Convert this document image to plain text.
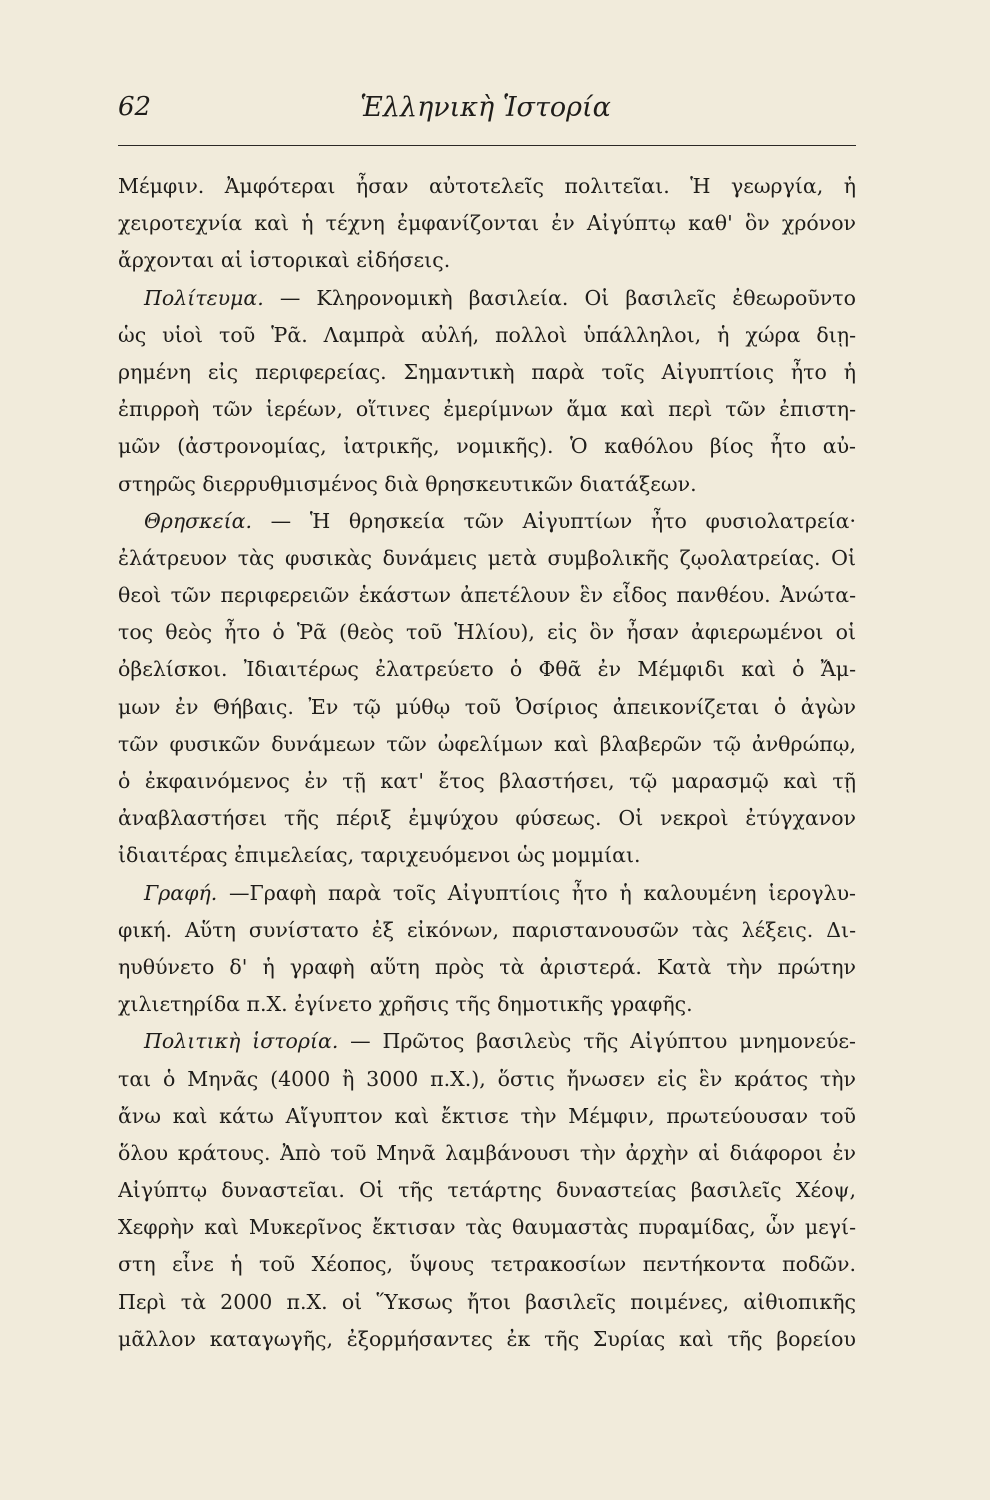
62	Ἑλληνικὴ Ἱστορία
Μέμφιν. Ἀμφότεραι ἦσαν αὐτοτελεῖς πολιτεῖαι. Ἡ γεωργία, ἡ
χειροτεχνία καὶ ἡ τέχνη ἐμφανίζονται ἐν Αἰγύπτῳ καθ' ὃν χρόνον
ἄρχονται αἱ ἱστορικαὶ εἰδήσεις.
Πολίτευμα. — Κληρονομικὴ βασιλεία. Οἱ βασιλεῖς ἐθεωροῦντο
ὡς υἱοὶ τοῦ Ῥᾶ. Λαμπρὰ αὐλή, πολλοὶ ὑπάλληλοι, ἡ χώρα διῃ-
ρημένη εἰς περιφερείας. Σημαντικὴ παρὰ τοῖς Αἰγυπτίοις ἦτο ἡ
ἐπιρροὴ τῶν ἱερέων, οἵτινες ἐμερίμνων ἅμα καὶ περὶ τῶν ἐπιστη-
μῶν (ἀστρονομίας, ἰατρικῆς, νομικῆς). Ὁ καθόλου βίος ἦτο αὐ-
στηρῶς διερρυθμισμένος διὰ θρησκευτικῶν διατάξεων.
Θρησκεία. — Ἡ θρησκεία τῶν Αἰγυπτίων ἦτο φυσιολατρεία·
ἐλάτρευον τὰς φυσικὰς δυνάμεις μετὰ συμβολικῆς ζῳολατρείας. Οἱ
θεοὶ τῶν περιφερειῶν ἑκάστων ἀπετέλουν ἓν εἶδος πανθέου. Ἀνώτα-
τος θεὸς ἦτο ὁ Ῥᾶ (θεὸς τοῦ Ἡλίου), εἰς ὃν ἦσαν ἀφιερωμένοι οἱ
ὀβελίσκοι. Ἰδιαιτέρως ἐλατρεύετο ὁ Φθᾶ ἐν Μέμφιδι καὶ ὁ Ἄμ-
μων ἐν Θήβαις. Ἐν τῷ μύθῳ τοῦ Ὀσίριος ἀπεικονίζεται ὁ ἀγὼν
τῶν φυσικῶν δυνάμεων τῶν ὠφελίμων καὶ βλαβερῶν τῷ ἀνθρώπῳ,
ὁ ἐκφαινόμενος ἐν τῇ κατ' ἔτος βλαστήσει, τῷ μαρασμῷ καὶ τῇ
ἀναβλαστήσει τῆς πέριξ ἐμψύχου φύσεως. Οἱ νεκροὶ ἐτύγχανον
ἰδιαιτέρας ἐπιμελείας, ταριχευόμενοι ὡς μομμίαι.
Γραφή. —Γραφὴ παρὰ τοῖς Αἰγυπτίοις ἦτο ἡ καλουμένη ἱερογλυ-
φική. Αὕτη συνίστατο ἐξ εἰκόνων, παριστανουσῶν τὰς λέξεις. Δι-
ηυθύνετο δ' ἡ γραφὴ αὕτη πρὸς τὰ ἀριστερά. Κατὰ τὴν πρώτην
χιλιετηρίδα π.Χ. ἐγίνετο χρῆσις τῆς δημοτικῆς γραφῆς.
Πολιτικὴ ἱστορία. — Πρῶτος βασιλεὺς τῆς Αἰγύπτου μνημονεύε-
ται ὁ Μηνᾶς (4000 ἢ 3000 π.Χ.), ὅστις ἤνωσεν εἰς ἓν κράτος τὴν
ἄνω καὶ κάτω Αἴγυπτον καὶ ἔκτισε τὴν Μέμφιν, πρωτεύουσαν τοῦ
ὅλου κράτους. Ἀπὸ τοῦ Μηνᾶ λαμβάνουσι τὴν ἀρχὴν αἱ διάφοροι ἐν
Αἰγύπτῳ δυναστεῖαι. Οἱ τῆς τετάρτης δυναστείας βασιλεῖς Χέοψ,
Χεφρὴν καὶ Μυκερῖνος ἔκτισαν τὰς θαυμαστὰς πυραμίδας, ὧν μεγί-
στη εἶνε ἡ τοῦ Χέοπος, ὕψους τετρακοσίων πεντήκοντα ποδῶν.
Περὶ τὰ 2000 π.Χ. οἱ Ὕκσως ἤτοι βασιλεῖς ποιμένες, αἰθιοπικῆς
μᾶλλον καταγωγῆς, ἐξορμήσαντες ἐκ τῆς Συρίας καὶ τῆς βορείου
